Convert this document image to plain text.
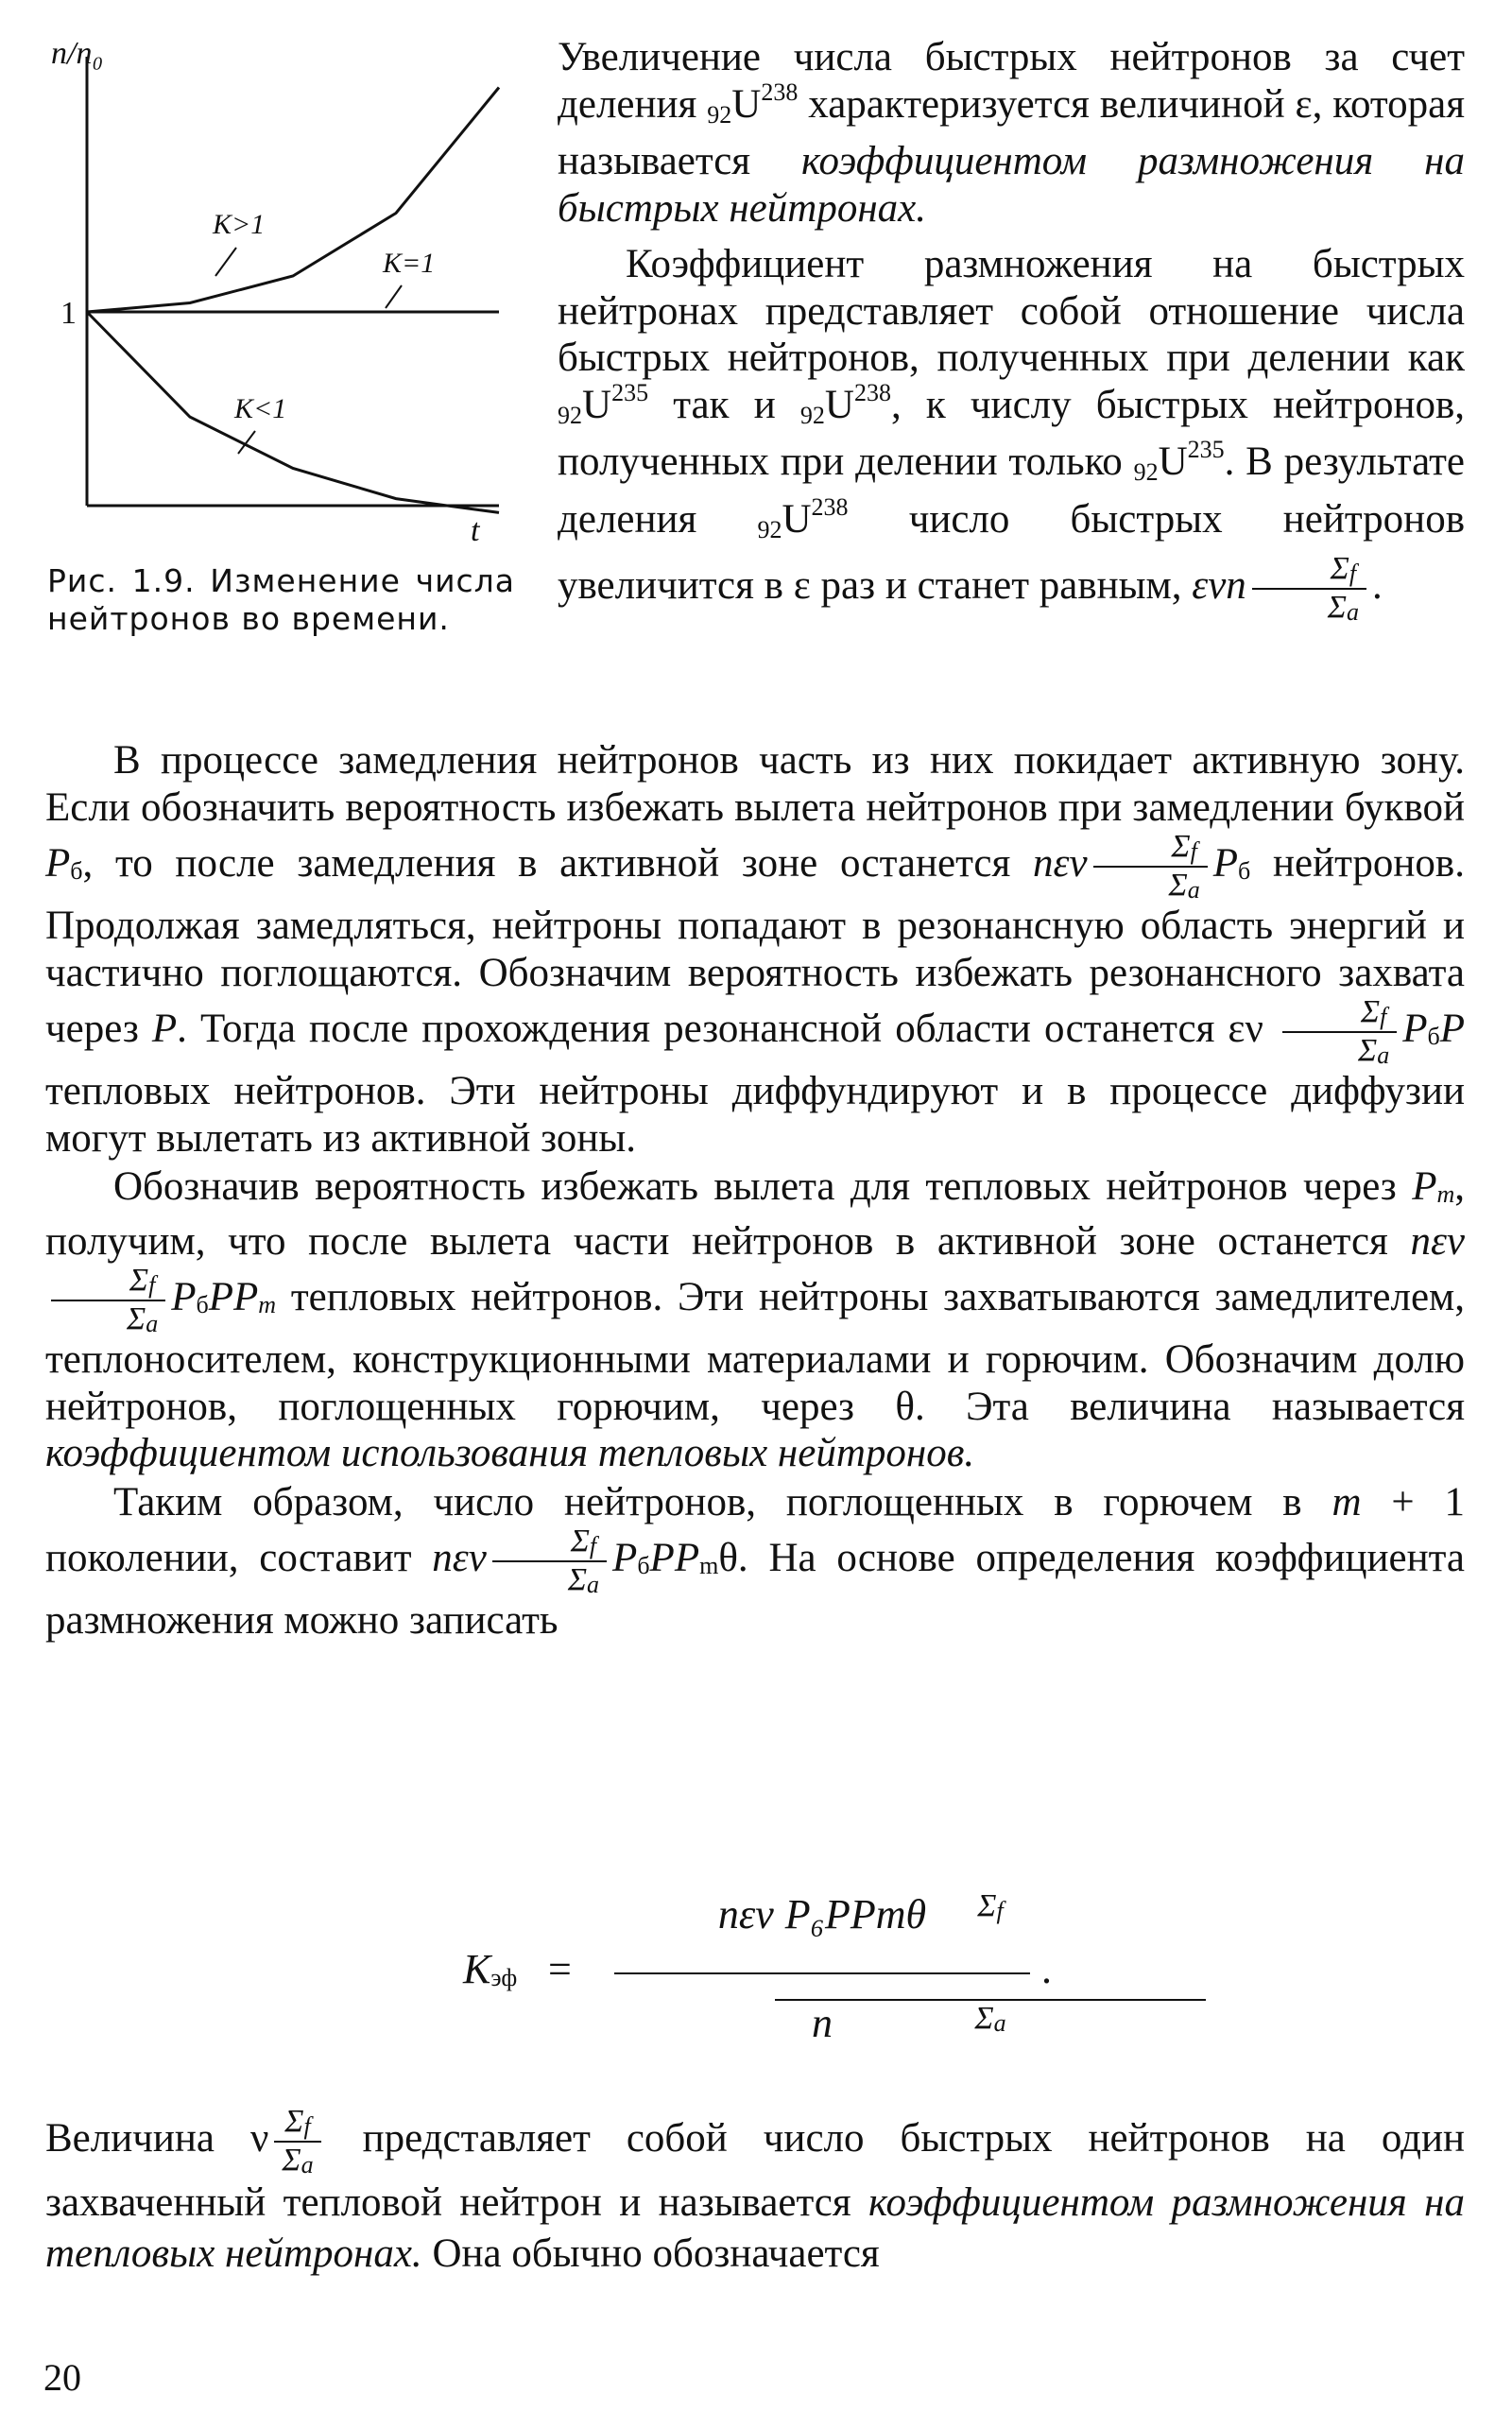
n/n₀
t
1
K>1
K=1
K<1
Рис. 1.9. Изменение числа нейтронов во времени.

Увеличение числа быстрых нейтронов за счет деления $92U^{238}$ характеризуется величиной ε, которая называется коэффициентом размножения на быстрых нейтронах.

Коэффициент размножения на быстрых нейтронах представляет собой отношение числа быстрых нейтронов, полученных при делении как $92U^{235}$ так и $92U^{238}$, к числу быстрых нейтронов, полученных при делении только $92U^{235}$. В результате деления $92U^{238}$ число быстрых нейтронов увеличится в ε раз и станет равным, ενn $\frac{\Sigma f}{\Sigma a}$ .

В процессе замедления нейтронов часть из них покидает активную зону. Если обозначить вероятность избежать вылета нейтронов при замедлении буквой Pб, то после замедления в активной зоне останется nεν $\frac{\Sigma f}{\Sigma a}$ Pб нейтронов. Продолжая замедляться, нейтроны попадают в резонансную область энергий и частично поглощаются. Обозначим вероятность избежать резонансного захвата через P. Тогда после прохождения резонансной области останется εν $\frac{\Sigma f}{\Sigma a}$ PбP тепловых нейтронов. Эти нейтроны диффундируют и в процессе диффузии могут вылетать из активной зоны.

Обозначив вероятность избежать вылета для тепловых нейтронов через Pm, получим, что после вылета части нейтронов в активной зоне останется nεν
$\frac{\Sigma f}{\Sigma a}$ PбPPm тепловых нейтронов. Эти нейтроны захватываются замедлителем, теплоносителем, конструкционными материалами и горючим. Обозначим долю нейтронов, поглощенных горючим, через θ. Эта величина называется коэффициентом использования тепловых нейтронов.

Таким образом, число нейтронов, поглощенных в горючем в m + 1 поколении, составит nεν $\frac{\Sigma f}{\Sigma a}$ PбPPmθ. На основе определения коэффициента размножения можно записать

Kэф =
nεν
$\frac{\Sigma f}{\Sigma a}$
P₆PPmθ
n
.

Величина ν $\frac{\Sigma f}{\Sigma a}$ представляет собой число быстрых нейтронов на один захваченный тепловой нейтрон и называется коэффициентом размножения на тепловых нейтронах. Она обычно обозначается

20
